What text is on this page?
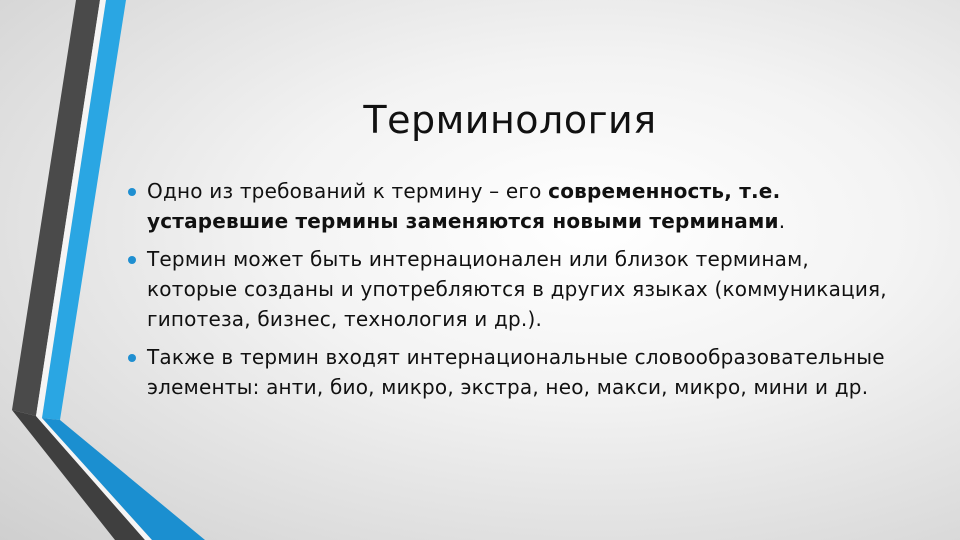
Терминология
Одно из требований к термину – его современность, т.е. устаревшие термины заменяются новыми терминами.
Термин может быть интернационален или близок терминам, которые созданы и употребляются в других языках (коммуникация, гипотеза, бизнес, технология и др.).
Также в термин входят интернациональные словообразовательные элементы: анти, био, микро, экстра, нео, макси, микро, мини и др.
